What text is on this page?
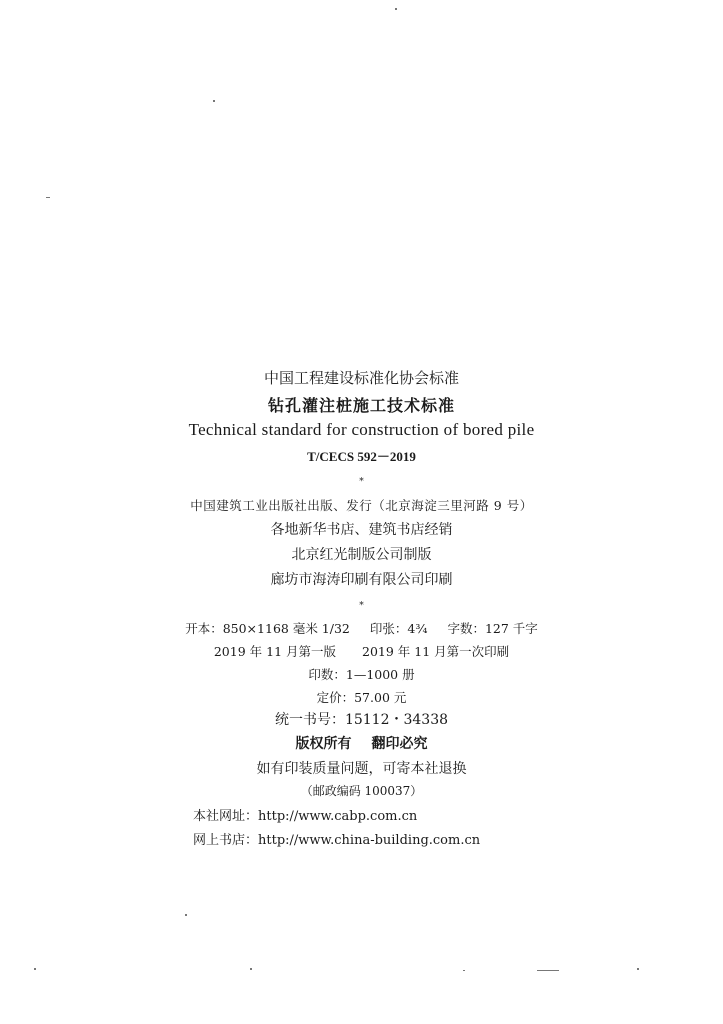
中国工程建设标准化协会标准
钻孔灌注桩施工技术标准
Technical standard for construction of bored pile
T/CECS 592－2019
*
中国建筑工业出版社出版、发行（北京海淀三里河路 9 号）
各地新华书店、建筑书店经销
北京红光制版公司制版
廊坊市海涛印刷有限公司印刷
*
开本：850×1168 毫米 1/32 印张：4¾ 字数：127 千字
2019 年 11 月第一版 2019 年 11 月第一次印刷
印数：1—1000 册
定价：57.00 元
统一书号：15112・34338
版权所有 翻印必究
如有印装质量问题，可寄本社退换
（邮政编码 100037）
本社网址：http://www.cabp.com.cn
网上书店：http://www.china-building.com.cn
